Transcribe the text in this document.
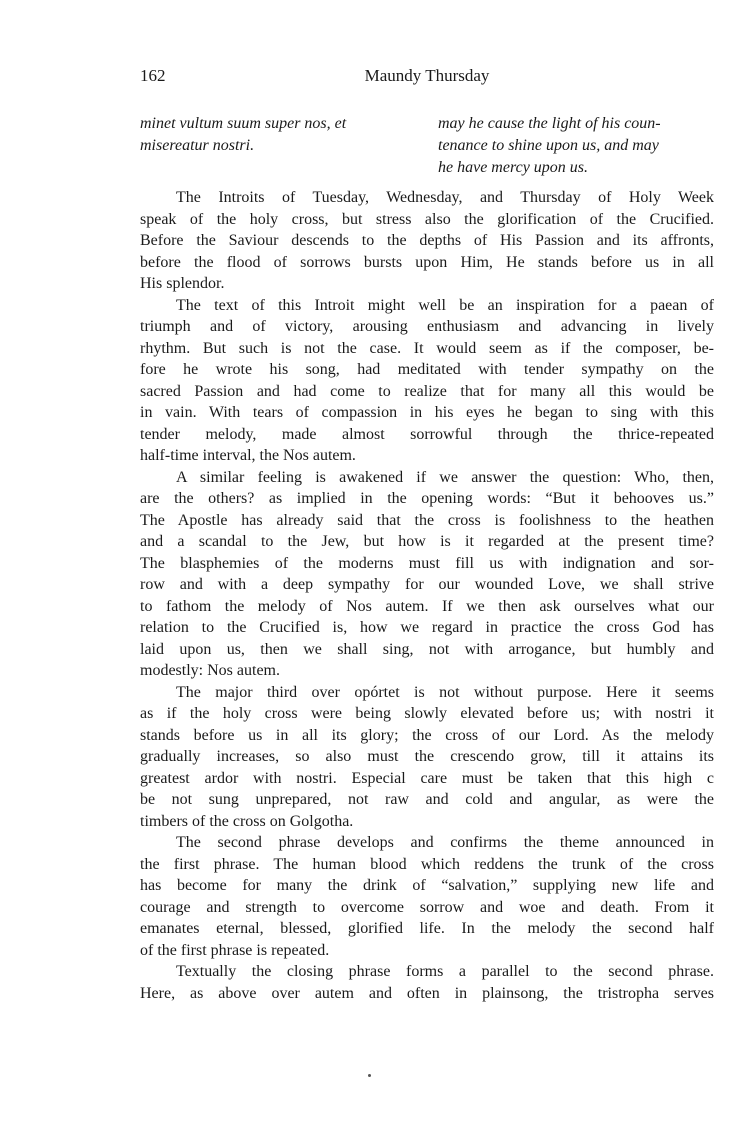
162	Maundy Thursday
minet vultum suum super nos, et
misereatur nostri.
may he cause the light of his coun-
tenance to shine upon us, and may
he have mercy upon us.
The Introits of Tuesday, Wednesday, and Thursday of Holy Week
speak of the holy cross, but stress also the glorification of the Crucified.
Before the Saviour descends to the depths of His Passion and its affronts,
before the flood of sorrows bursts upon Him, He stands before us in all
His splendor.
The text of this Introit might well be an inspiration for a paean of
triumph and of victory, arousing enthusiasm and advancing in lively
rhythm. But such is not the case. It would seem as if the composer, be-
fore he wrote his song, had meditated with tender sympathy on the
sacred Passion and had come to realize that for many all this would be
in vain. With tears of compassion in his eyes he began to sing with this
tender melody, made almost sorrowful through the thrice-repeated
half-time interval, the Nos autem.
A similar feeling is awakened if we answer the question: Who, then,
are the others? as implied in the opening words: “But it behooves us.”
The Apostle has already said that the cross is foolishness to the heathen
and a scandal to the Jew, but how is it regarded at the present time?
The blasphemies of the moderns must fill us with indignation and sor-
row and with a deep sympathy for our wounded Love, we shall strive
to fathom the melody of Nos autem. If we then ask ourselves what our
relation to the Crucified is, how we regard in practice the cross God has
laid upon us, then we shall sing, not with arrogance, but humbly and
modestly: Nos autem.
The major third over opórtet is not without purpose. Here it seems
as if the holy cross were being slowly elevated before us; with nostri it
stands before us in all its glory; the cross of our Lord. As the melody
gradually increases, so also must the crescendo grow, till it attains its
greatest ardor with nostri. Especial care must be taken that this high c
be not sung unprepared, not raw and cold and angular, as were the
timbers of the cross on Golgotha.
The second phrase develops and confirms the theme announced in
the first phrase. The human blood which reddens the trunk of the cross
has become for many the drink of “salvation,” supplying new life and
courage and strength to overcome sorrow and woe and death. From it
emanates eternal, blessed, glorified life. In the melody the second half
of the first phrase is repeated.
Textually the closing phrase forms a parallel to the second phrase.
Here, as above over autem and often in plainsong, the tristropha serves
